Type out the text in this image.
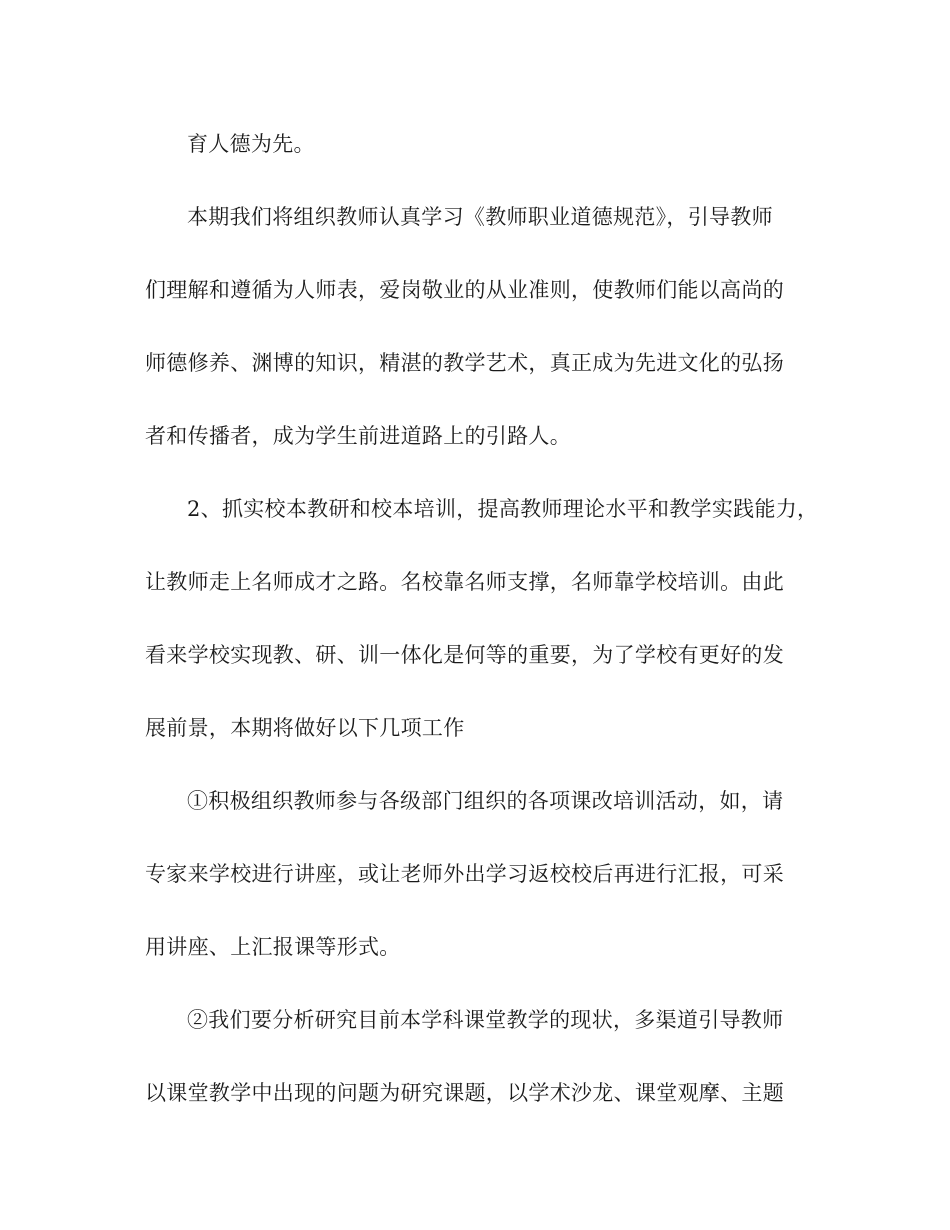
育人德为先。
本期我们将组织教师认真学习《教师职业道德规范》，引导教师
们理解和遵循为人师表，爱岗敬业的从业准则，使教师们能以高尚的
师德修养、渊博的知识，精湛的教学艺术，真正成为先进文化的弘扬
者和传播者，成为学生前进道路上的引路人。
2、抓实校本教研和校本培训，提高教师理论水平和教学实践能力，
让教师走上名师成才之路。名校靠名师支撑，名师靠学校培训。由此
看来学校实现教、研、训一体化是何等的重要，为了学校有更好的发
展前景，本期将做好以下几项工作
①积极组织教师参与各级部门组织的各项课改培训活动，如，请
专家来学校进行讲座，或让老师外出学习返校校后再进行汇报，可采
用讲座、上汇报课等形式。
②我们要分析研究目前本学科课堂教学的现状，多渠道引导教师
以课堂教学中出现的问题为研究课题，以学术沙龙、课堂观摩、主题
